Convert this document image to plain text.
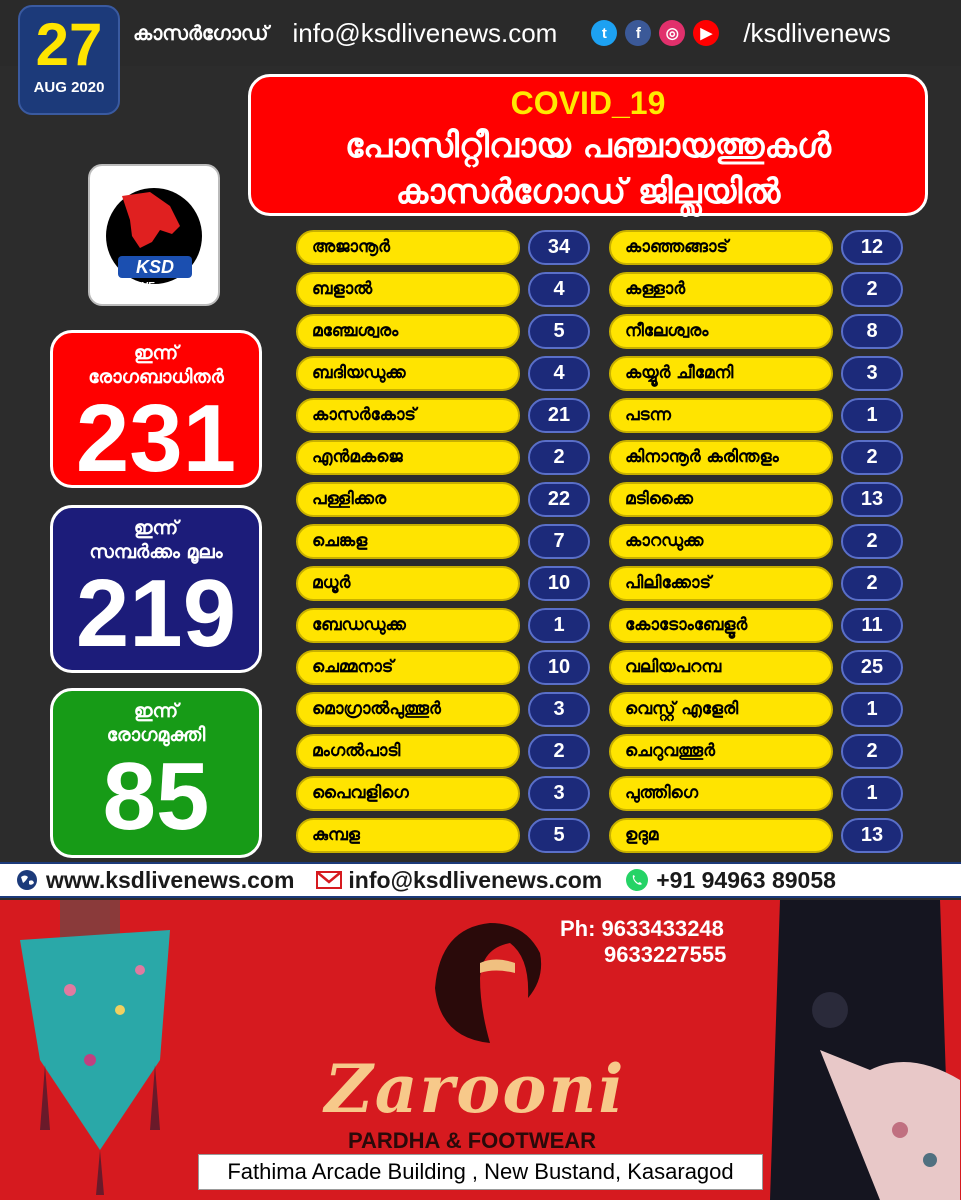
27
AUG 2020
കാസർഗോഡ് info@ksdlivenews.com	t	f	◎	▶ /ksdlivenews
COVID_19
പോസിറ്റീവായ പഞ്ചായത്തുകൾ
കാസർഗോഡ് ജില്ലയിൽ
KSD
LIVE
ഇന്ന്
രോഗബാധിതർ
231
ഇന്ന്
സമ്പർക്കം മൂലം
219
ഇന്ന്
രോഗമുക്തി
85
അജാനൂർ	34
ബളാൽ	4
മഞ്ചേശ്വരം	5
ബദിയഡുക്ക	4
കാസർകോട്	21
എൻമകജെ	2
പള്ളിക്കര	22
ചെങ്കള	7
മധൂർ	10
ബേഡഡുക്ക	1
ചെമ്മനാട്	10
മൊഗ്രാൽപുത്തൂർ	3
മംഗൽപാടി	2
പൈവളിഗെ	3
കുമ്പള	5
കാഞ്ഞങ്ങാട്	12
കള്ളാർ	2
നീലേശ്വരം	8
കയ്യൂർ ചീമേനി	3
പടന്ന	1
കിനാനൂർ കരിന്തളം	2
മടിക്കൈ	13
കാറഡുക്ക	2
പിലിക്കോട്	2
കോടോംബേളൂർ	11
വലിയപറമ്പ	25
വെസ്റ്റ് എളേരി	1
ചെറുവത്തൂർ	2
പുത്തിഗെ	1
ഉദുമ	13
www.ksdlivenews.com info@ksdlivenews.com +91 94963 89058
Ph: 9633433248
9633227555
Zarooni
PARDHA & FOOTWEAR
Fathima Arcade Building , New Bustand, Kasaragod
